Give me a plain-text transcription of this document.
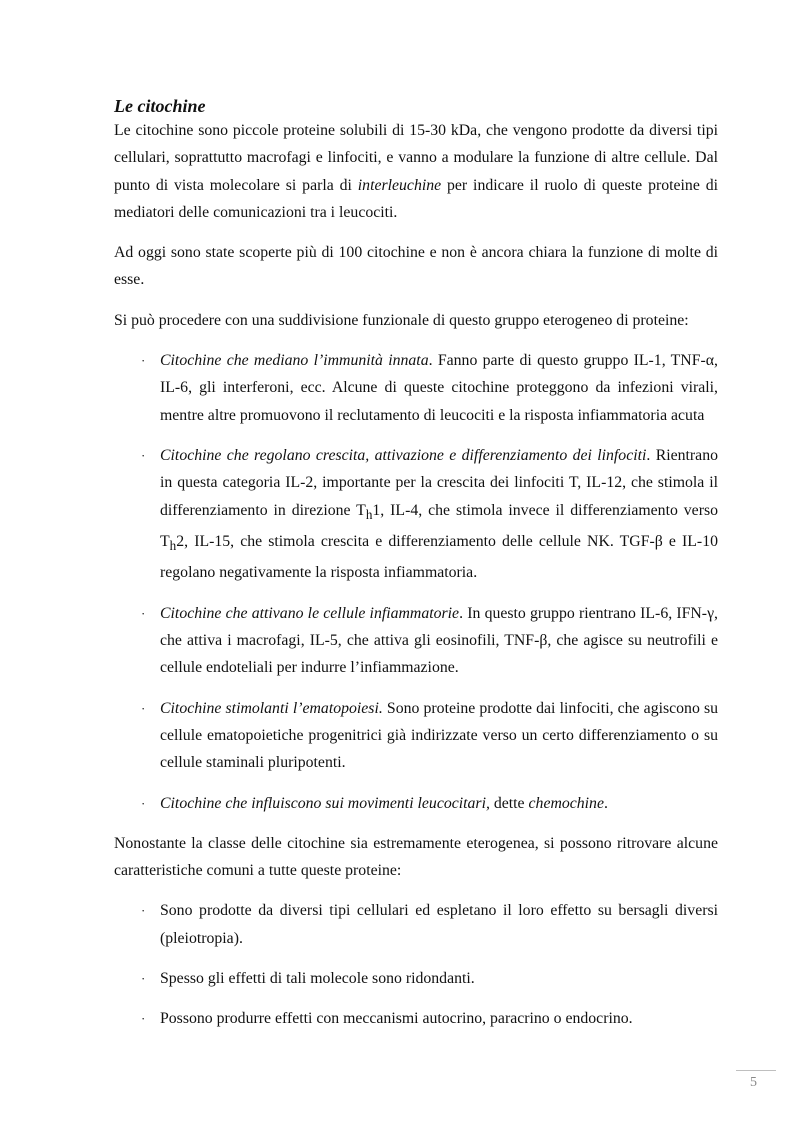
Le citochine

Le citochine sono piccole proteine solubili di 15-30 kDa, che vengono prodotte da diversi tipi cellulari, soprattutto macrofagi e linfociti, e vanno a modulare la funzione di altre cellule. Dal punto di vista molecolare si parla di interleuchine per indicare il ruolo di queste proteine di mediatori delle comunicazioni tra i leucociti.

Ad oggi sono state scoperte più di 100 citochine e non è ancora chiara la funzione di molte di esse.

Si può procedere con una suddivisione funzionale di questo gruppo eterogeneo di proteine:

· Citochine che mediano l’immunità innata. Fanno parte di questo gruppo IL-1, TNF-α, IL-6, gli interferoni, ecc. Alcune di queste citochine proteggono da infezioni virali, mentre altre promuovono il reclutamento di leucociti e la risposta infiammatoria acuta
· Citochine che regolano crescita, attivazione e differenziamento dei linfociti. Rientrano in questa categoria IL-2, importante per la crescita dei linfociti T, IL-12, che stimola il differenziamento in direzione $T_h1$, IL-4, che stimola invece il differenziamento verso $T_h2$, IL-15, che stimola crescita e differenziamento delle cellule NK. TGF-β e IL-10 regolano negativamente la risposta infiammatoria.
· Citochine che attivano le cellule infiammatorie. In questo gruppo rientrano IL-6, IFN-γ, che attiva i macrofagi, IL-5, che attiva gli eosinofili, TNF-β, che agisce su neutrofili e cellule endoteliali per indurre l’infiammazione.
· Citochine stimolanti l’ematopoiesi. Sono proteine prodotte dai linfociti, che agiscono su cellule ematopoietiche progenitrici già indirizzate verso un certo differenziamento o su cellule staminali pluripotenti.
· Citochine che influiscono sui movimenti leucocitari, dette chemochine.

Nonostante la classe delle citochine sia estremamente eterogenea, si possono ritrovare alcune caratteristiche comuni a tutte queste proteine:

· Sono prodotte da diversi tipi cellulari ed espletano il loro effetto su bersagli diversi (pleiotropia).
· Spesso gli effetti di tali molecole sono ridondanti.
· Possono produrre effetti con meccanismi autocrino, paracrino o endocrino.
5
